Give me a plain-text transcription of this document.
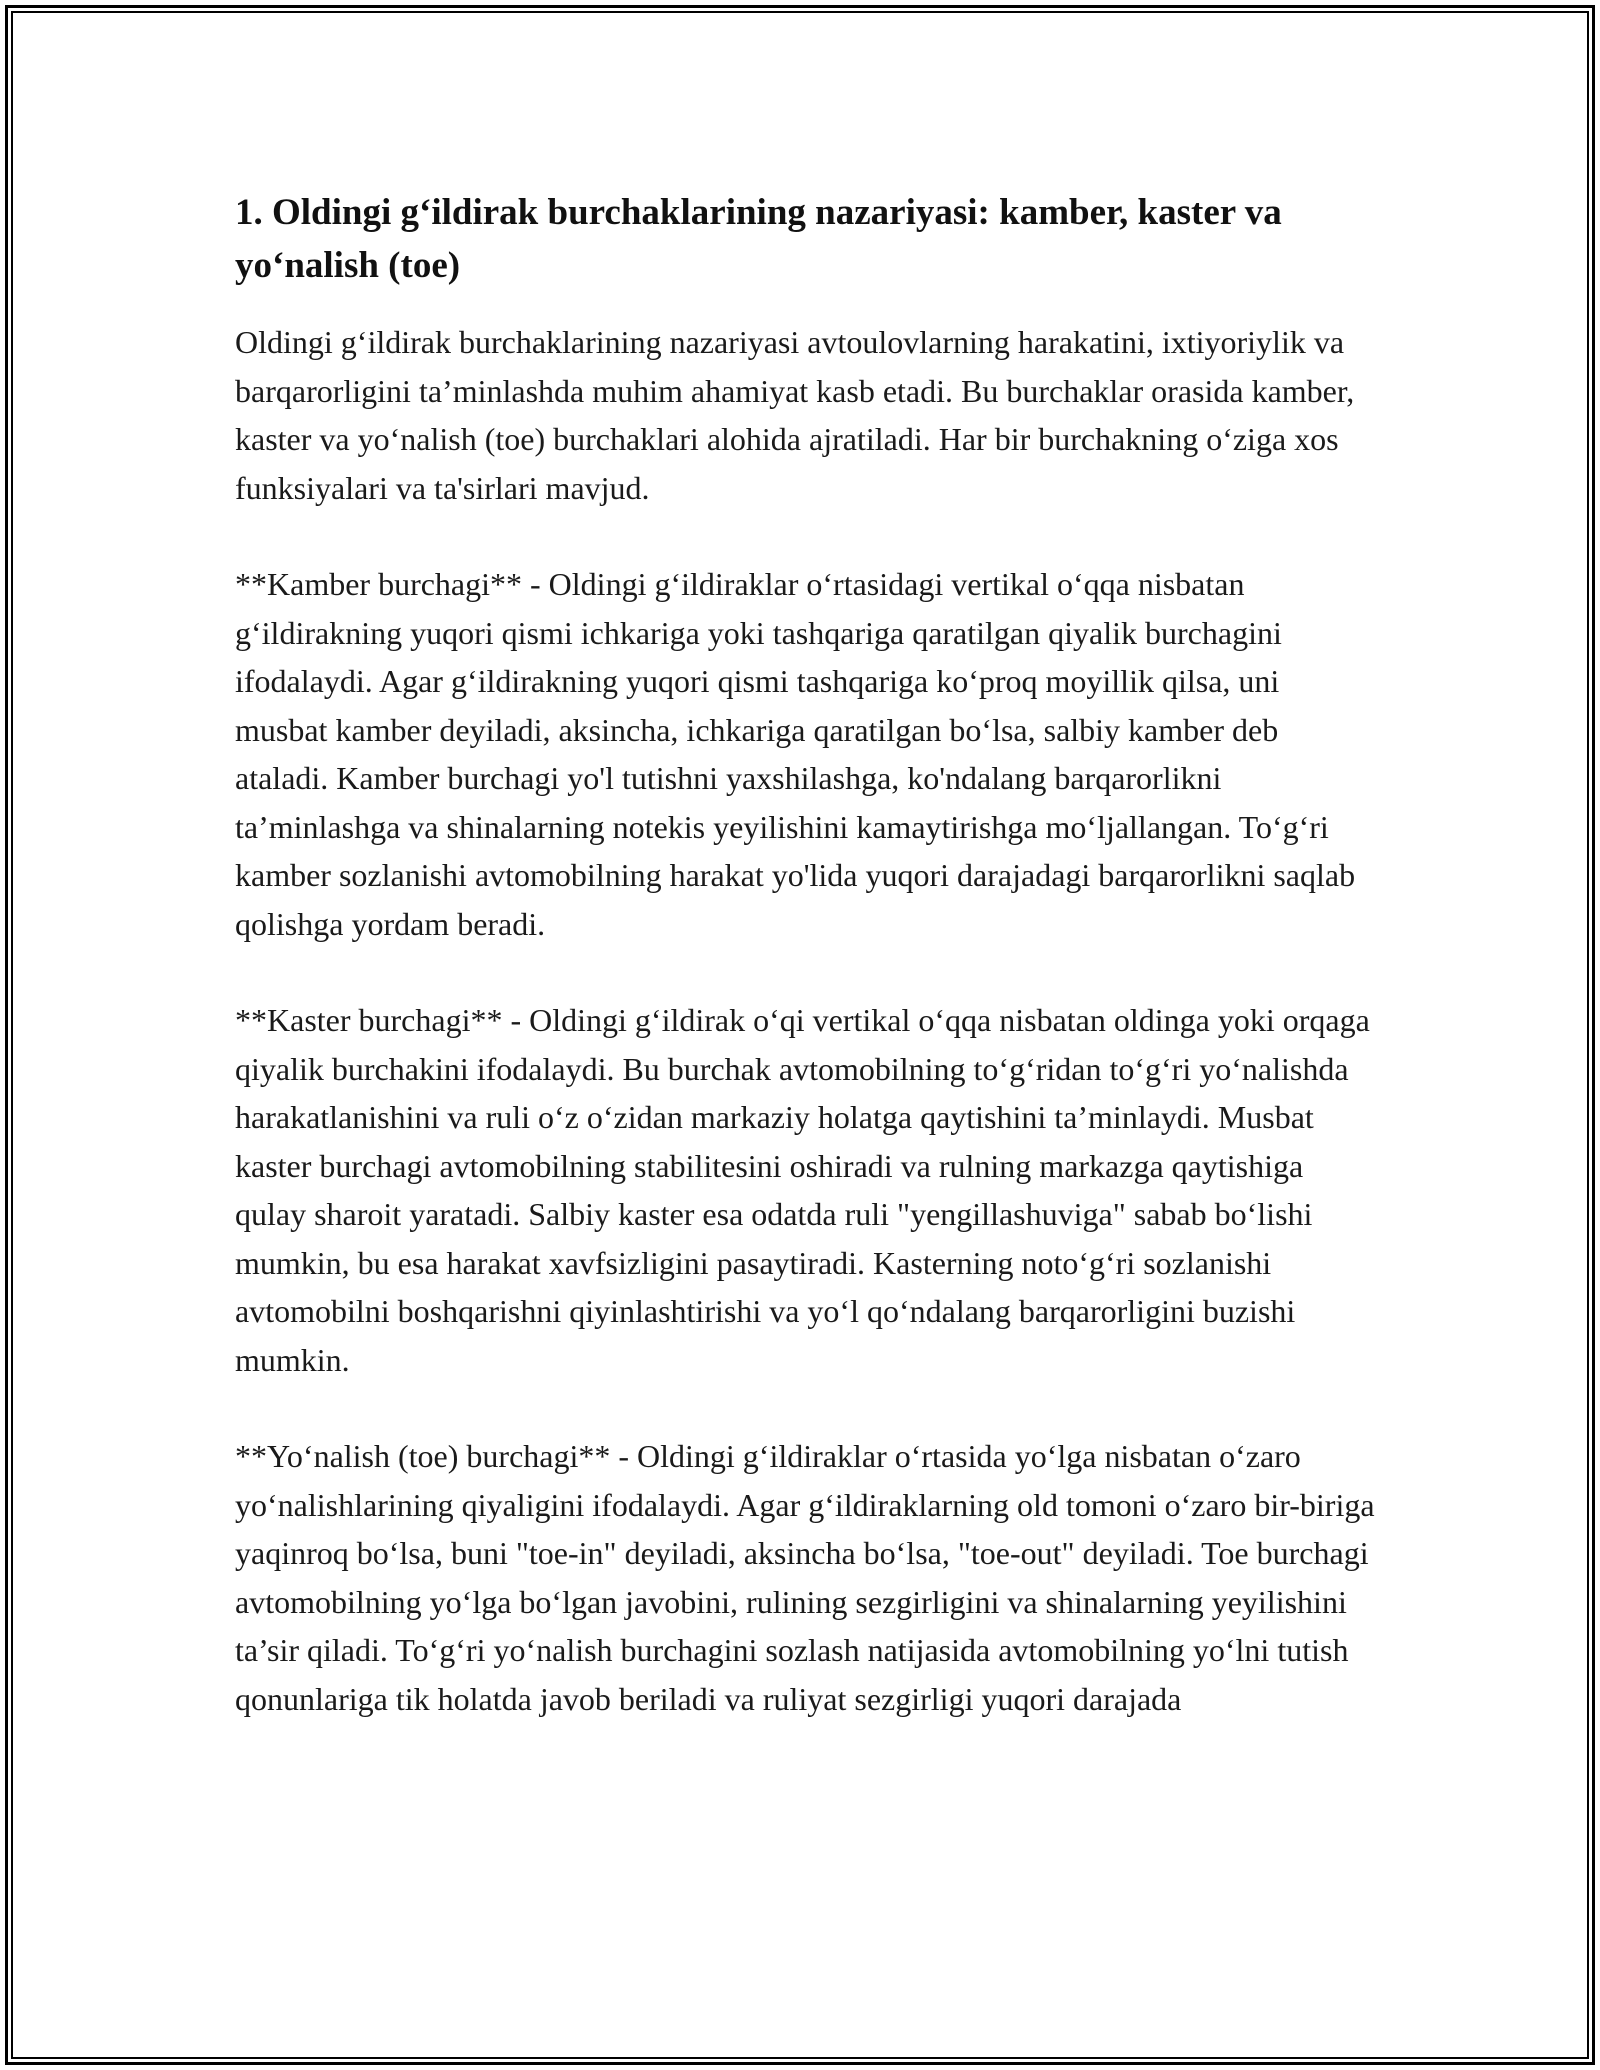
1. Oldingi g‘ildirak burchaklarining nazariyasi: kamber, kaster va yo‘nalish (toe)

Oldingi g‘ildirak burchaklarining nazariyasi avtoulovlarning harakatini, ixtiyoriylik va barqarorligini ta’minlashda muhim ahamiyat kasb etadi. Bu burchaklar orasida kamber, kaster va yo‘nalish (toe) burchaklari alohida ajratiladi. Har bir burchakning o‘ziga xos funksiyalari va ta'sirlari mavjud.

**Kamber burchagi** - Oldingi g‘ildiraklar o‘rtasidagi vertikal o‘qqa nisbatan g‘ildirakning yuqori qismi ichkariga yoki tashqariga qaratilgan qiyalik burchagini ifodalaydi. Agar g‘ildirakning yuqori qismi tashqariga ko‘proq moyillik qilsa, uni musbat kamber deyiladi, aksincha, ichkariga qaratilgan bo‘lsa, salbiy kamber deb ataladi. Kamber burchagi yo'l tutishni yaxshilashga, ko'ndalang barqarorlikni ta’minlashga va shinalarning notekis yeyilishini kamaytirishga mo‘ljallangan. To‘g‘ri kamber sozlanishi avtomobilning harakat yo'lida yuqori darajadagi barqarorlikni saqlab qolishga yordam beradi.

**Kaster burchagi** - Oldingi g‘ildirak o‘qi vertikal o‘qqa nisbatan oldinga yoki orqaga qiyalik burchakini ifodalaydi. Bu burchak avtomobilning to‘g‘ridan to‘g‘ri yo‘nalishda harakatlanishini va ruli o‘z o‘zidan markaziy holatga qaytishini ta’minlaydi. Musbat kaster burchagi avtomobilning stabilitesini oshiradi va rulning markazga qaytishiga qulay sharoit yaratadi. Salbiy kaster esa odatda ruli "yengillashuviga" sabab bo‘lishi mumkin, bu esa harakat xavfsizligini pasaytiradi. Kasterning noto‘g‘ri sozlanishi avtomobilni boshqarishni qiyinlashtirishi va yo‘l qo‘ndalang barqarorligini buzishi mumkin.

**Yo‘nalish (toe) burchagi** - Oldingi g‘ildiraklar o‘rtasida yo‘lga nisbatan o‘zaro yo‘nalishlarining qiyaligini ifodalaydi. Agar g‘ildiraklarning old tomoni o‘zaro bir-biriga yaqinroq bo‘lsa, buni "toe-in" deyiladi, aksincha bo‘lsa, "toe-out" deyiladi. Toe burchagi avtomobilning yo‘lga bo‘lgan javobini, rulining sezgirligini va shinalarning yeyilishini ta’sir qiladi. To‘g‘ri yo‘nalish burchagini sozlash natijasida avtomobilning yo‘lni tutish qonunlariga tik holatda javob beriladi va ruliyat sezgirligi yuqori darajada
